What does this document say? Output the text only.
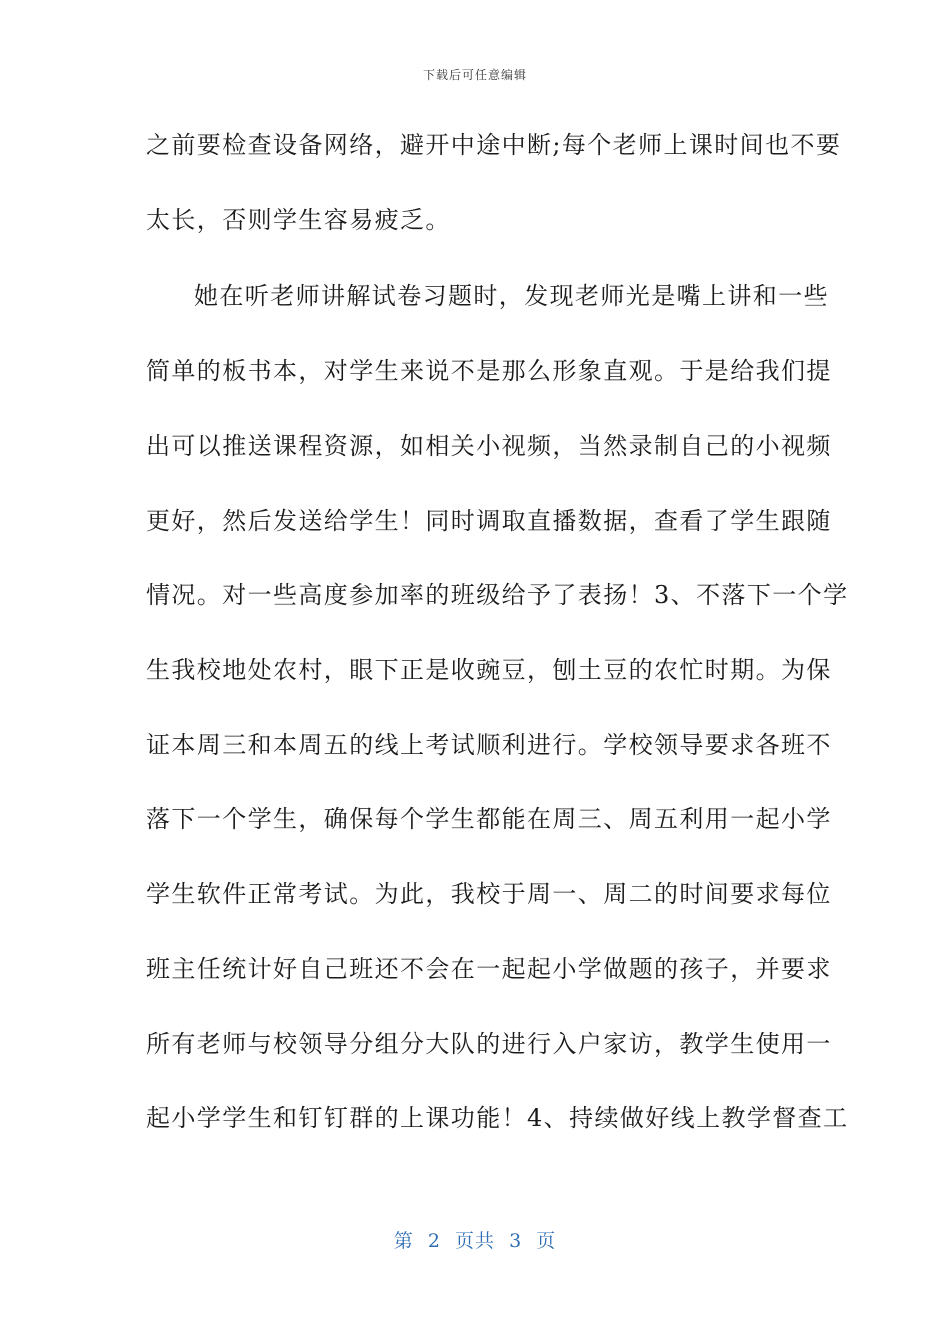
下载后可任意编辑
之前要检查设备网络，避开中途中断;每个老师上课时间也不要
太长，否则学生容易疲乏。
她在听老师讲解试卷习题时，发现老师光是嘴上讲和一些
简单的板书本，对学生来说不是那么形象直观。于是给我们提
出可以推送课程资源，如相关小视频，当然录制自己的小视频
更好，然后发送给学生！同时调取直播数据，查看了学生跟随
情况。对一些高度参加率的班级给予了表扬！3、不落下一个学
生我校地处农村，眼下正是收豌豆，刨土豆的农忙时期。为保
证本周三和本周五的线上考试顺利进行。学校领导要求各班不
落下一个学生，确保每个学生都能在周三、周五利用一起小学
学生软件正常考试。为此，我校于周一、周二的时间要求每位
班主任统计好自己班还不会在一起起小学做题的孩子，并要求
所有老师与校领导分组分大队的进行入户家访，教学生使用一
起小学学生和钉钉群的上课功能！4、持续做好线上教学督查工
第  2  页共  3  页
